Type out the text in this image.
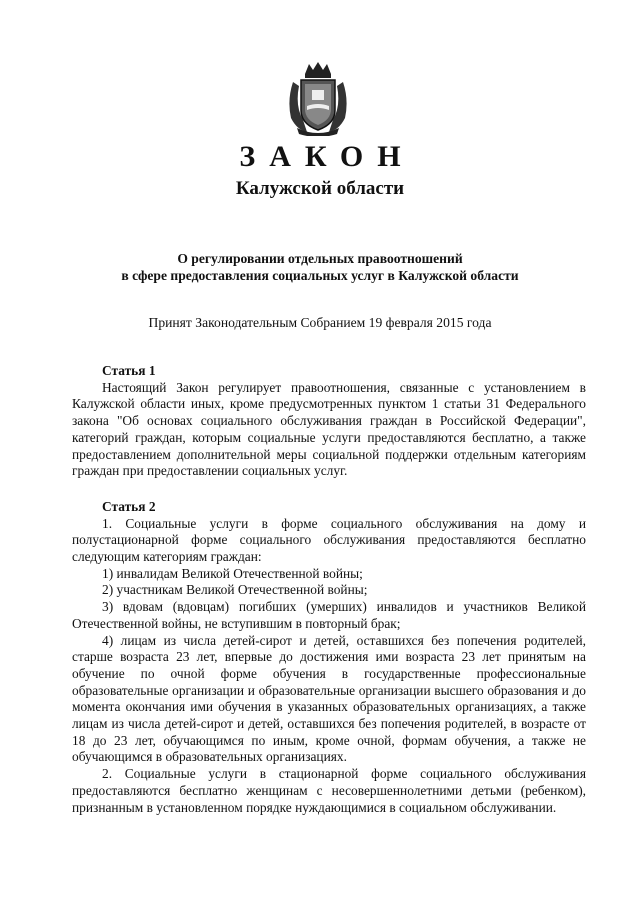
ЗАКОН
Калужской области
О регулировании отдельных правоотношений
в сфере предоставления социальных услуг в Калужской области
Принят Законодательным Собранием 19 февраля 2015 года

Статья 1

Настоящий Закон регулирует правоотношения, связанные с установлением в Калужской области иных, кроме предусмотренных пунктом 1 статьи 31 Федерального закона "Об основах социального обслуживания граждан в Российской Федерации", категорий граждан, которым социальные услуги предоставляются бесплатно, а также предоставлением дополнительной меры социальной поддержки отдельным категориям граждан при предоставлении социальных услуг.

Статья 2

1. Социальные услуги в форме социального обслуживания на дому и полустационарной форме социального обслуживания предоставляются бесплатно следующим категориям граждан:

1) инвалидам Великой Отечественной войны;

2) участникам Великой Отечественной войны;

3) вдовам (вдовцам) погибших (умерших) инвалидов и участников Великой Отечественной войны, не вступившим в повторный брак;

4) лицам из числа детей-сирот и детей, оставшихся без попечения родителей, старше возраста 23 лет, впервые до достижения ими возраста 23 лет принятым на обучение по очной форме обучения в государственные профессиональные образовательные организации и образовательные организации высшего образования и до момента окончания ими обучения в указанных образовательных организациях, а также лицам из числа детей-сирот и детей, оставшихся без попечения родителей, в возрасте от 18 до 23 лет, обучающимся по иным, кроме очной, формам обучения, а также не обучающимся в образовательных организациях.

2. Социальные услуги в стационарной форме социального обслуживания предоставляются бесплатно женщинам с несовершеннолетними детьми (ребенком), признанным в установленном порядке нуждающимися в социальном обслуживании.
